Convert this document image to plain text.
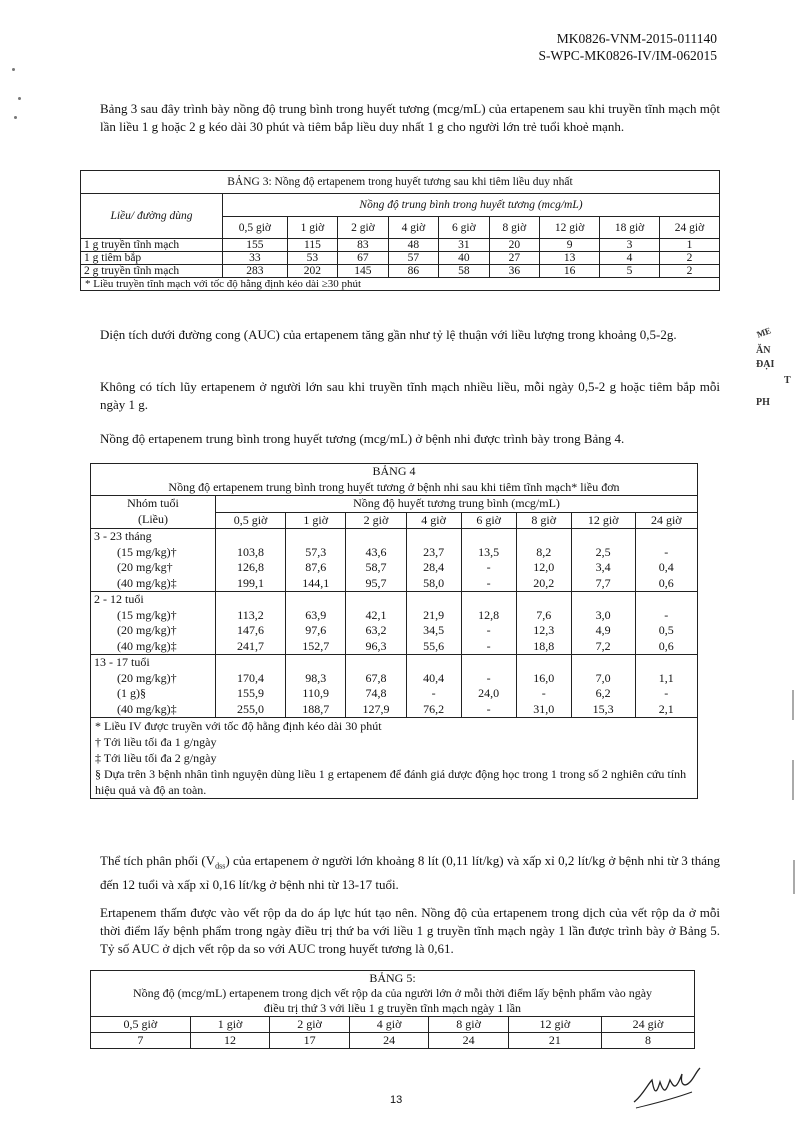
MK0826-VNM-2015-011140
S-WPC-MK0826-IV/IM-062015

Bảng 3 sau đây trình bày nồng độ trung bình trong huyết tương (mcg/mL) của ertapenem sau khi truyền tĩnh mạch một lần liều 1 g hoặc 2 g kéo dài 30 phút và tiêm bắp liều duy nhất 1 g cho người lớn trẻ tuổi khoẻ mạnh.

BẢNG 3: Nồng độ ertapenem trong huyết tương sau khi tiêm liều duy nhất									
Liều/ đường dùng	Nồng độ trung bình trong huyết tương (mcg/mL)								
	0,5 giờ	1 giờ	2 giờ	4 giờ	6 giờ	8 giờ	12 giờ	18 giờ	24 giờ
1 g truyền tĩnh mạch	155	115	83	48	31	20	9	3	1
1 g tiêm bắp	33	53	67	57	40	27	13	4	2
2 g truyền tĩnh mạch	283	202	145	86	58	36	16	5	2
* Liều truyền tĩnh mạch với tốc độ hằng định kéo dài ≥30 phút									

Diện tích dưới đường cong (AUC) của ertapenem tăng gần như tỷ lệ thuận với liều lượng trong khoảng 0,5-2g.

Không có tích lũy ertapenem ở người lớn sau khi truyền tĩnh mạch nhiều liều, mỗi ngày 0,5-2 g hoặc tiêm bắp mỗi ngày 1 g.

Nồng độ ertapenem trung bình trong huyết tương (mcg/mL) ở bệnh nhi được trình bày trong Bảng 4.

BẢNG 4								
Nồng độ ertapenem trung bình trong huyết tương ở bệnh nhi sau khi tiêm tĩnh mạch* liều đơn								
Nhóm tuổi	Nồng độ huyết tương trung bình (mcg/mL)							
(Liều)	0,5 giờ	1 giờ	2 giờ	4 giờ	6 giờ	8 giờ	12 giờ	24 giờ
3 - 23 tháng								
(15 mg/kg)†	103,8	57,3	43,6	23,7	13,5	8,2	2,5	-
(20 mg/kg†	126,8	87,6	58,7	28,4	-	12,0	3,4	0,4
(40 mg/kg)‡	199,1	144,1	95,7	58,0	-	20,2	7,7	0,6
2 - 12 tuổi								
(15 mg/kg)†	113,2	63,9	42,1	21,9	12,8	7,6	3,0	-
(20 mg/kg)†	147,6	97,6	63,2	34,5	-	12,3	4,9	0,5
(40 mg/kg)‡	241,7	152,7	96,3	55,6	-	18,8	7,2	0,6
13 - 17 tuổi								
(20 mg/kg)†	170,4	98,3	67,8	40,4	-	16,0	7,0	1,1
(1 g)§	155,9	110,9	74,8	-	24,0	-	6,2	-
(40 mg/kg)‡	255,0	188,7	127,9	76,2	-	31,0	15,3	2,1

* Liều IV được truyền với tốc độ hằng định kéo dài 30 phút
† Tới liều tối đa 1 g/ngày
‡ Tới liều tối đa 2 g/ngày
§ Dựa trên 3 bệnh nhân tình nguyện dùng liều 1 g ertapenem để đánh giá dược động học trong 1 trong số 2 nghiên cứu tính hiệu quả và độ an toàn.								

Thể tích phân phối $(V_{dss})$ của ertapenem ở người lớn khoảng 8 lít (0,11 lít/kg) và xấp xỉ 0,2 lít/kg ở bệnh nhi từ 3 tháng đến 12 tuổi và xấp xỉ 0,16 lít/kg ở bệnh nhi từ 13-17 tuổi.

Ertapenem thấm được vào vết rộp da do áp lực hút tạo nên. Nồng độ của ertapenem trong dịch của vết rộp da ở mỗi thời điểm lấy bệnh phẩm trong ngày điều trị thứ ba với liều 1 g truyền tĩnh mạch ngày 1 lần được trình bày ở Bảng 5. Tỷ số AUC ở dịch vết rộp da so với AUC trong huyết tương là 0,61.

BẢNG 5:						
Nồng độ (mcg/mL) ertapenem trong dịch vết rộp da của người lớn ở mỗi thời điểm lấy bệnh phẩm vào ngày điều trị thứ 3 với liều 1 g truyền tĩnh mạch ngày 1 lần						
0,5 giờ	1 giờ	2 giờ	4 giờ	8 giờ	12 giờ	24 giờ
7	12	17	24	24	21	8
13
ME
ĂN
ĐẠI
T
PH
